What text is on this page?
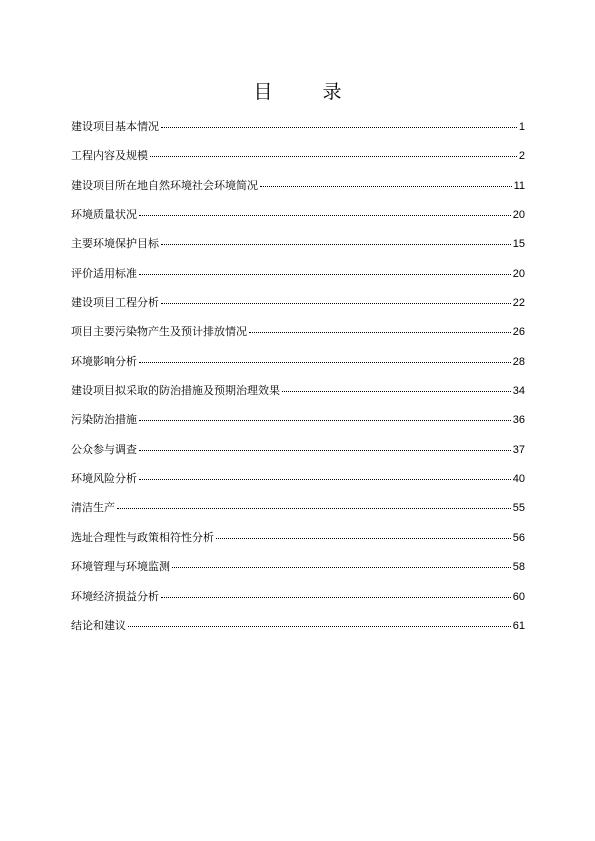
目 录
建设项目基本情况	1
工程内容及规模	2
建设项目所在地自然环境社会环境简况	11
环境质量状况	20
主要环境保护目标	15
评价适用标准	20
建设项目工程分析	22
项目主要污染物产生及预计排放情况	26
环境影响分析	28
建设项目拟采取的防治措施及预期治理效果	34
污染防治措施	36
公众参与调查	37
环境风险分析	40
清洁生产	55
选址合理性与政策相符性分析	56
环境管理与环境监测	58
环境经济损益分析	60
结论和建议	61
